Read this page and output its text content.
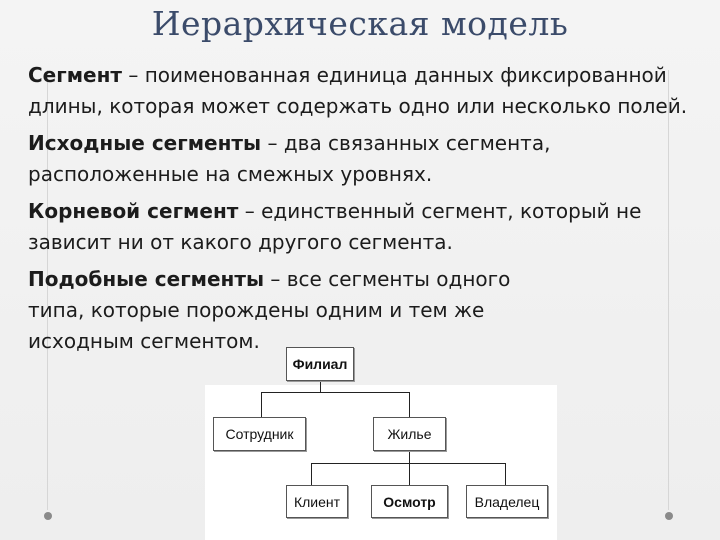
Иерархическая модель

Сегмент – поименованная единица данных фиксированной длины, которая может содержать одно или несколько полей.

Исходные сегменты – два связанных сегмента, расположенные на смежных уровнях.

Корневой сегмент – единственный сегмент, который не зависит ни от какого другого сегмента.

Подобные сегменты – все сегменты одного типа, которые порождены одним и тем же исходным сегментом.

Филиал
Сотрудник	Жилье
Клиент	Осмотр	Владелец
